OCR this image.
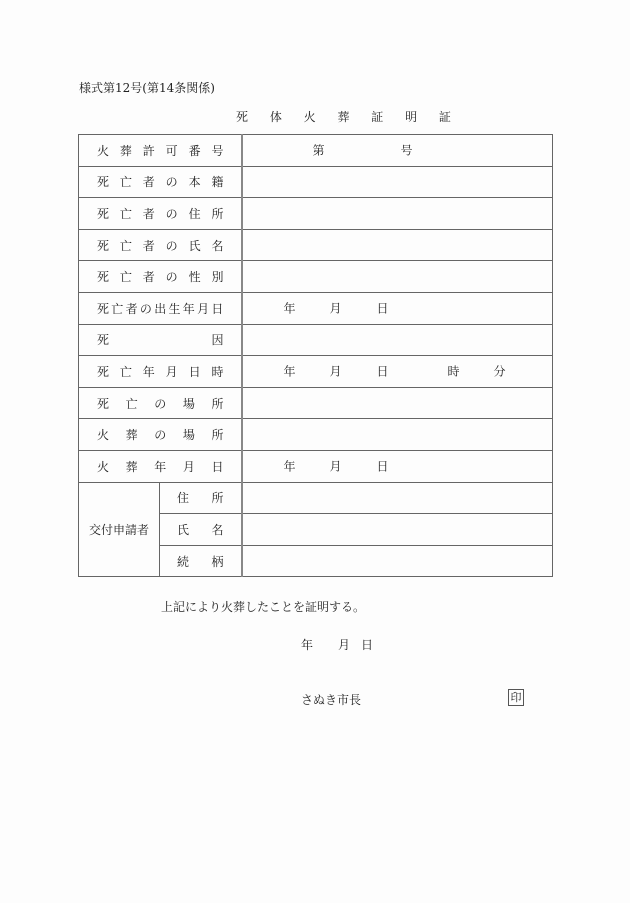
様式第12号(第14条関係)
死 体 火 葬 証 明 証
火 葬 許 可 番 号	第	号

死 亡 者 の 本 籍

死 亡 者 の 住 所

死 亡 者 の 氏 名

死 亡 者 の 性 別

死 亡 者 の 出 生 年 月 日	年	月	日

死 因		

死 亡 年 月 日 時	年	月	日	時	分

死 亡 の 場 所		

火 葬 の 場 所		

火 葬 年 月 日		年 月 日

交付申請者	住 所	

	氏 名	

	続 柄	

上記により火葬したことを証明する。
年 月 日
さぬき市長	印
